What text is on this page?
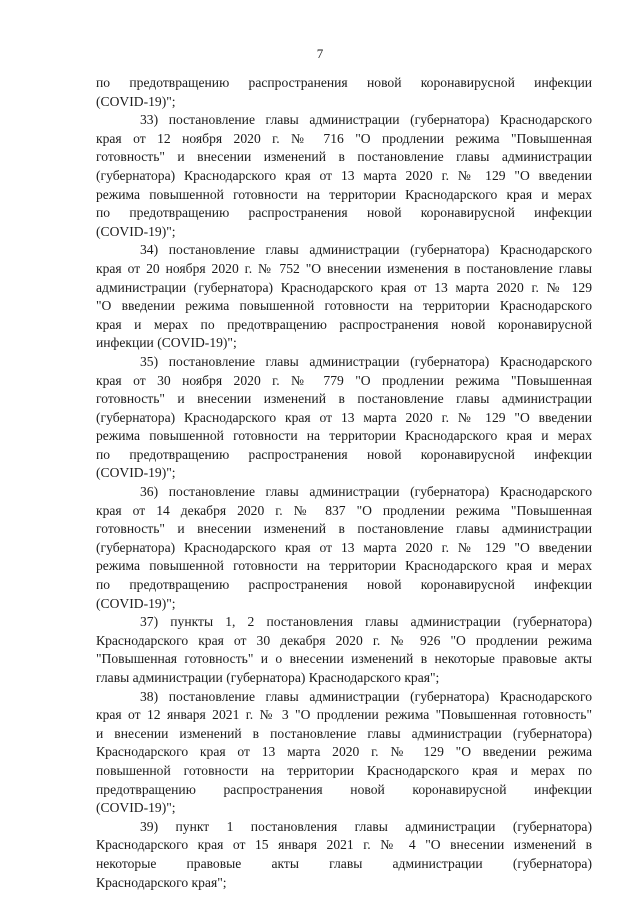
7

по предотвращению распространения новой коронавирусной инфекции
(COVID-19)";

33) постановление главы администрации (губернатора) Краснодарского
края от 12 ноября 2020 г. № 716 "О продлении режима "Повышенная
готовность" и внесении изменений в постановление главы администрации
(губернатора) Краснодарского края от 13 марта 2020 г. № 129 "О введении
режима повышенной готовности на территории Краснодарского края и мерах
по предотвращению распространения новой коронавирусной инфекции
(COVID-19)";

34) постановление главы администрации (губернатора) Краснодарского
края от 20 ноября 2020 г. № 752 "О внесении изменения в постановление главы
администрации (губернатора) Краснодарского края от 13 марта 2020 г. № 129
"О введении режима повышенной готовности на территории Краснодарского
края и мерах по предотвращению распространения новой коронавирусной
инфекции (COVID-19)";

35) постановление главы администрации (губернатора) Краснодарского
края от 30 ноября 2020 г. № 779 "О продлении режима "Повышенная
готовность" и внесении изменений в постановление главы администрации
(губернатора) Краснодарского края от 13 марта 2020 г. № 129 "О введении
режима повышенной готовности на территории Краснодарского края и мерах
по предотвращению распространения новой коронавирусной инфекции
(COVID-19)";

36) постановление главы администрации (губернатора) Краснодарского
края от 14 декабря 2020 г. № 837 "О продлении режима "Повышенная
готовность" и внесении изменений в постановление главы администрации
(губернатора) Краснодарского края от 13 марта 2020 г. № 129 "О введении
режима повышенной готовности на территории Краснодарского края и мерах
по предотвращению распространения новой коронавирусной инфекции
(COVID-19)";

37) пункты 1, 2 постановления главы администрации (губернатора)
Краснодарского края от 30 декабря 2020 г. № 926 "О продлении режима
"Повышенная готовность" и о внесении изменений в некоторые правовые акты
главы администрации (губернатора) Краснодарского края";

38) постановление главы администрации (губернатора) Краснодарского
края от 12 января 2021 г. № 3 "О продлении режима "Повышенная готовность"
и внесении изменений в постановление главы администрации (губернатора)
Краснодарского края от 13 марта 2020 г. № 129 "О введении режима
повышенной готовности на территории Краснодарского края и мерах по
предотвращению распространения новой коронавирусной инфекции
(COVID-19)";

39) пункт 1 постановления главы администрации (губернатора)
Краснодарского края от 15 января 2021 г. № 4 "О внесении изменений в
некоторые правовые акты главы администрации (губернатора)
Краснодарского края";
